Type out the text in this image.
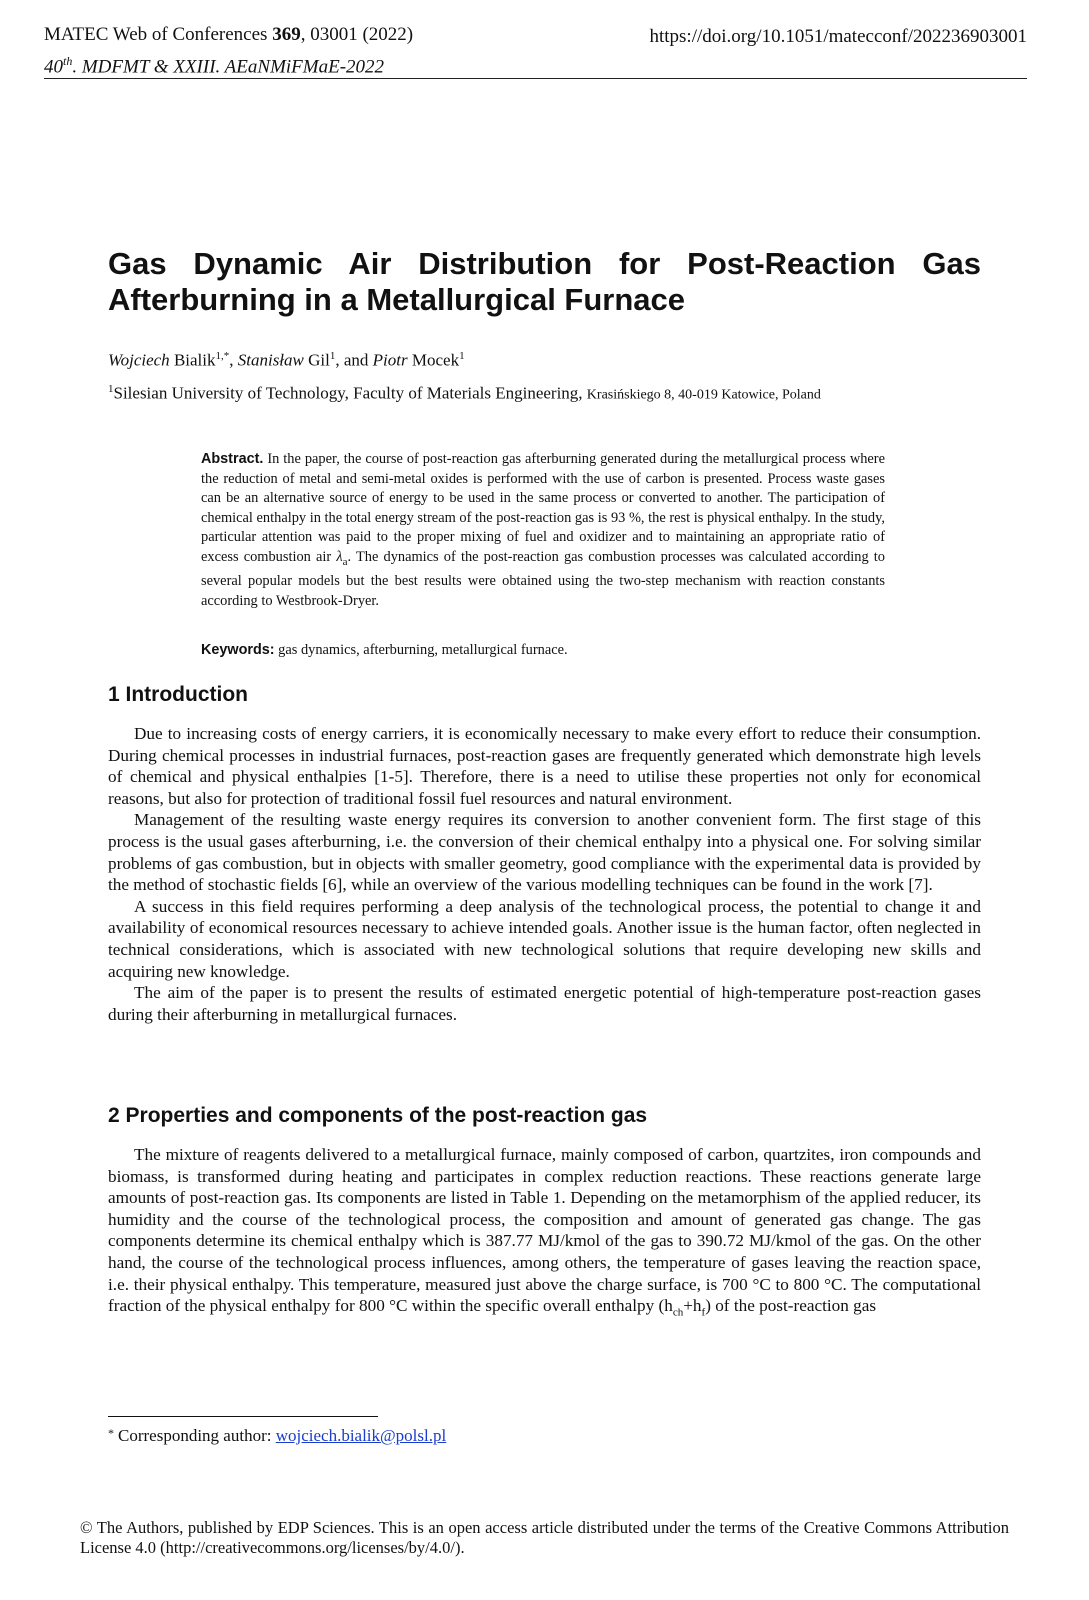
MATEC Web of Conferences 369, 03001 (2022)
40th. MDFMT & XXIII. AEaNMiFMaE-2022
https://doi.org/10.1051/matecconf/202236903001
Gas Dynamic Air Distribution for Post-Reaction Gas
Afterburning in a Metallurgical Furnace
Wojciech Bialik$^{1,*}$, Stanisław Gil$^1$, and Piotr Mocek$^1$
$^1$Silesian University of Technology, Faculty of Materials Engineering, Krasińskiego 8, 40-019 Katowice, Poland

Abstract. In the paper, the course of post-reaction gas afterburning generated during the metallurgical process where the reduction of metal and semi-metal oxides is performed with the use of carbon is presented. Process waste gases can be an alternative source of energy to be used in the same process or converted to another. The participation of chemical enthalpy in the total energy stream of the post-reaction gas is 93 %, the rest is physical enthalpy. In the study, particular attention was paid to the proper mixing of fuel and oxidizer and to maintaining an appropriate ratio of excess combustion air $\lambda_a$. The dynamics of the post-reaction gas combustion processes was calculated according to several popular models but the best results were obtained using the two-step mechanism with reaction constants according to Westbrook-Dryer.

Keywords: gas dynamics, afterburning, metallurgical furnace.
1 Introduction

Due to increasing costs of energy carriers, it is economically necessary to make every effort to reduce their consumption. During chemical processes in industrial furnaces, post-reaction gases are frequently generated which demonstrate high levels of chemical and physical enthalpies [1-5]. Therefore, there is a need to utilise these properties not only for economical reasons, but also for protection of traditional fossil fuel resources and natural environment.

Management of the resulting waste energy requires its conversion to another convenient form. The first stage of this process is the usual gases afterburning, i.e. the conversion of their chemical enthalpy into a physical one. For solving similar problems of gas combustion, but in objects with smaller geometry, good compliance with the experimental data is provided by the method of stochastic fields [6], while an overview of the various modelling techniques can be found in the work [7].

A success in this field requires performing a deep analysis of the technological process, the potential to change it and availability of economical resources necessary to achieve intended goals. Another issue is the human factor, often neglected in technical considerations, which is associated with new technological solutions that require developing new skills and acquiring new knowledge.

The aim of the paper is to present the results of estimated energetic potential of high-temperature post-reaction gases during their afterburning in metallurgical furnaces.

2 Properties and components of the post-reaction gas

The mixture of reagents delivered to a metallurgical furnace, mainly composed of carbon, quartzites, iron compounds and biomass, is transformed during heating and participates in complex reduction reactions. These reactions generate large amounts of post-reaction gas. Its components are listed in Table 1. Depending on the metamorphism of the applied reducer, its humidity and the course of the technological process, the composition and amount of generated gas change. The gas components determine its chemical enthalpy which is 387.77 MJ/kmol of the gas to 390.72 MJ/kmol of the gas. On the other hand, the course of the technological process influences, among others, the temperature of gases leaving the reaction space, i.e. their physical enthalpy. This temperature, measured just above the charge surface, is 700 °C to 800 °C. The computational fraction of the physical enthalpy for 800 °C within the specific overall enthalpy $(h_{ch}+h_f)$ of the post-reaction gas

* Corresponding author: wojciech.bialik@polsl.pl

© The Authors, published by EDP Sciences. This is an open access article distributed under the terms of the Creative Commons Attribution License 4.0 (http://creativecommons.org/licenses/by/4.0/).
